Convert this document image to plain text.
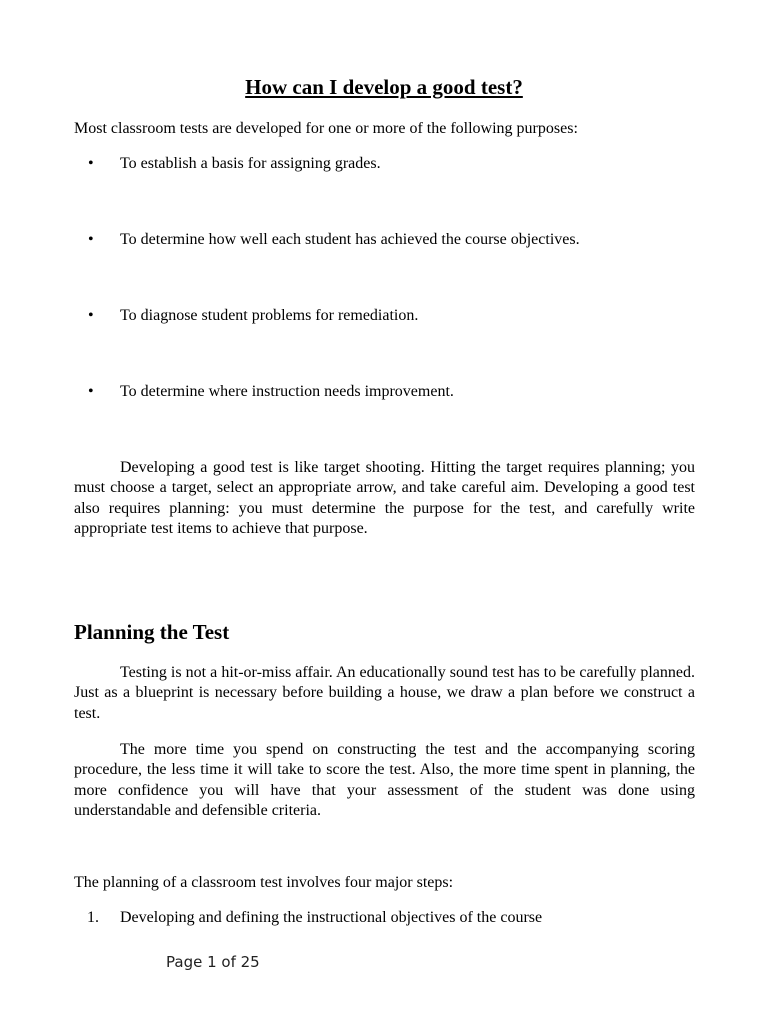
How can I develop a good test?
Most classroom tests are developed for one or more of the following purposes:
• To establish a basis for assigning grades.
• To determine how well each student has achieved the course objectives.
• To diagnose student problems for remediation.
• To determine where instruction needs improvement.

Developing a good test is like target shooting. Hitting the target requires planning; you must choose a target, select an appropriate arrow, and take careful aim. Developing a good test also requires planning: you must determine the purpose for the test, and carefully write appropriate test items to achieve that purpose.

Planning the Test

Testing is not a hit-or-miss affair. An educationally sound test has to be carefully planned. Just as a blueprint is necessary before building a house, we draw a plan before we construct a test.

The more time you spend on constructing the test and the accompanying scoring procedure, the less time it will take to score the test. Also, the more time spent in planning, the more confidence you will have that your assessment of the student was done using understandable and defensible criteria.

The planning of a classroom test involves four major steps:
1. Developing and defining the instructional objectives of the course
Page 1 of 25
